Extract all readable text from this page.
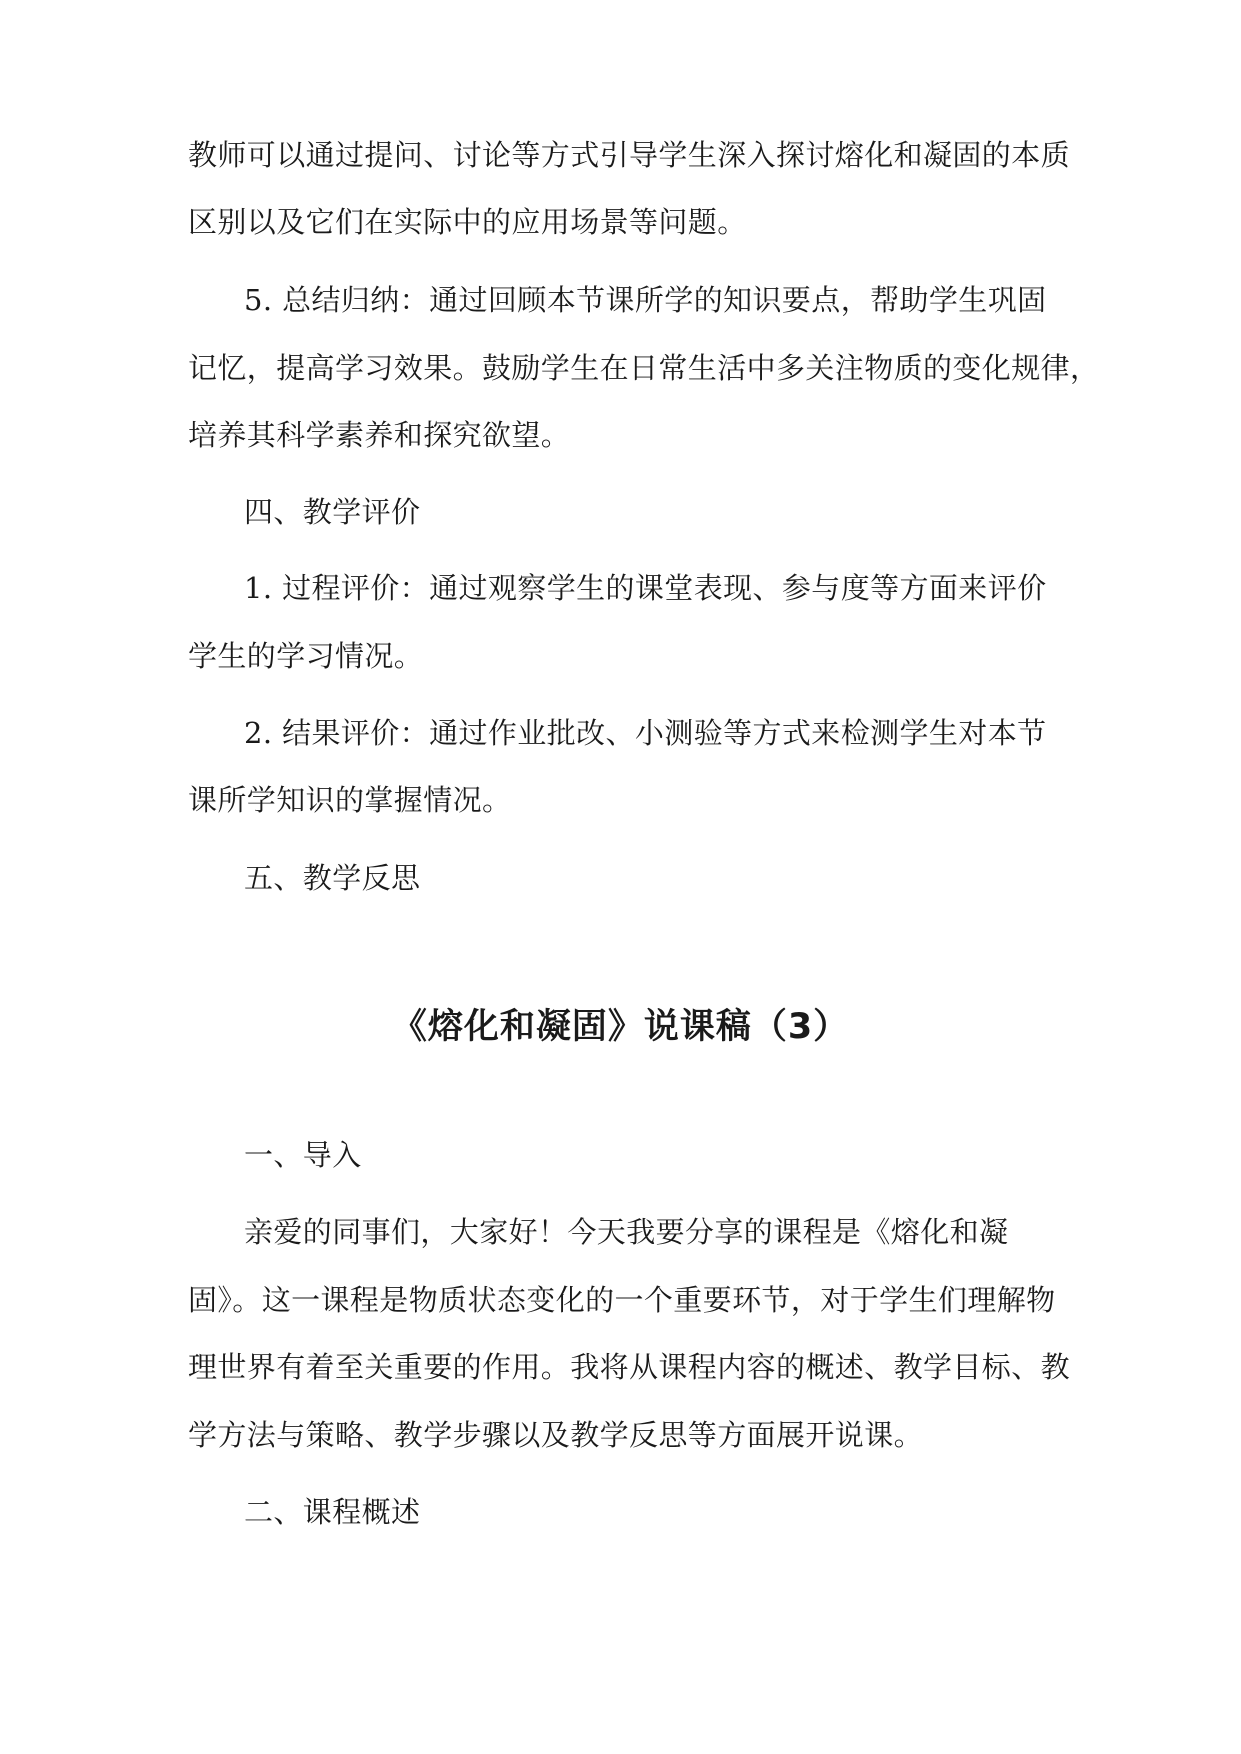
教师可以通过提问、讨论等方式引导学生深入探讨熔化和凝固的本质
区别以及它们在实际中的应用场景等问题。
5. 总结归纳：通过回顾本节课所学的知识要点，帮助学生巩固
记忆，提高学习效果。鼓励学生在日常生活中多关注物质的变化规律，
培养其科学素养和探究欲望。
四、教学评价
1. 过程评价：通过观察学生的课堂表现、参与度等方面来评价
学生的学习情况。
2. 结果评价：通过作业批改、小测验等方式来检测学生对本节
课所学知识的掌握情况。
五、教学反思
《熔化和凝固》说课稿（3）
一、导入
亲爱的同事们，大家好！今天我要分享的课程是《熔化和凝
固》。这一课程是物质状态变化的一个重要环节，对于学生们理解物
理世界有着至关重要的作用。我将从课程内容的概述、教学目标、教
学方法与策略、教学步骤以及教学反思等方面展开说课。
二、课程概述
